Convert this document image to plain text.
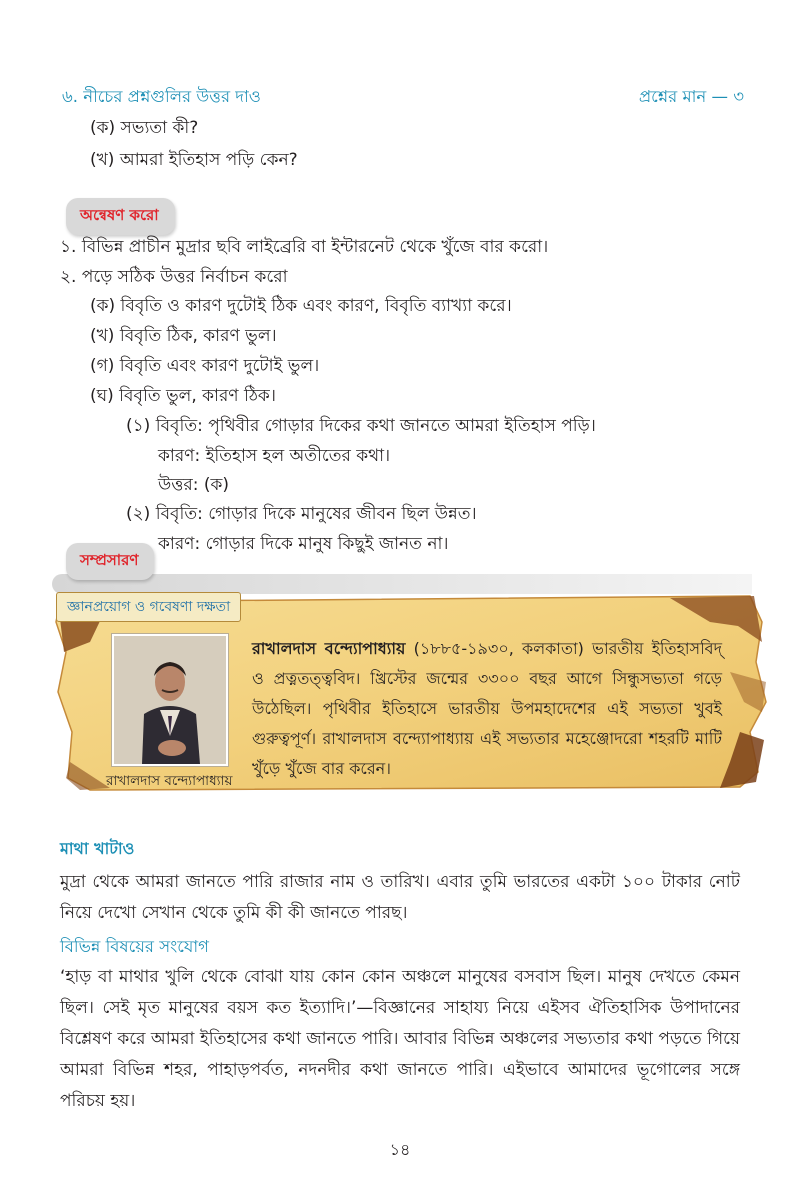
৬. নীচের প্রশ্নগুলির উত্তর দাও	প্রশ্নের মান — ৩
(ক) সভ্যতা কী?
(খ) আমরা ইতিহাস পড়ি কেন?
অন্বেষণ করো
১. বিভিন্ন প্রাচীন মুদ্রার ছবি লাইব্রেরি বা ইন্টারনেট থেকে খুঁজে বার করো।
২. পড়ে সঠিক উত্তর নির্বাচন করো
(ক) বিবৃতি ও কারণ দুটোই ঠিক এবং কারণ, বিবৃতি ব্যাখ্যা করে।
(খ) বিবৃতি ঠিক, কারণ ভুল।
(গ) বিবৃতি এবং কারণ দুটোই ভুল।
(ঘ) বিবৃতি ভুল, কারণ ঠিক।
(১) বিবৃতি: পৃথিবীর গোড়ার দিকের কথা জানতে আমরা ইতিহাস পড়ি।
কারণ: ইতিহাস হল অতীতের কথা।
উত্তর: (ক)
(২) বিবৃতি: গোড়ার দিকে মানুষের জীবন ছিল উন্নত।
কারণ: গোড়ার দিকে মানুষ কিছুই জানত না।
সম্প্রসারণ
জ্ঞানপ্রয়োগ ও গবেষণা দক্ষতা
রাখালদাস বন্দ্যোপাধ্যায়
রাখালদাস বন্দ্যোপাধ্যায় (১৮৮৫-১৯৩০, কলকাতা) ভারতীয় ইতিহাসবিদ্ ও প্রত্নতত্ত্ববিদ। খ্রিস্টের জন্মের ৩৩০০ বছর আগে সিন্ধুসভ্যতা গড়ে উঠেছিল। পৃথিবীর ইতিহাসে ভারতীয় উপমহাদেশের এই সভ্যতা খুবই গুরুত্বপূর্ণ। রাখালদাস বন্দ্যোপাধ্যায় এই সভ্যতার মহেঞ্জোদরো শহরটি মাটি খুঁড়ে খুঁজে বার করেন।
মাথা খাটাও
মুদ্রা থেকে আমরা জানতে পারি রাজার নাম ও তারিখ। এবার তুমি ভারতের একটা ১০০ টাকার নোট নিয়ে দেখো সেখান থেকে তুমি কী কী জানতে পারছ।
বিভিন্ন বিষয়ের সংযোগ
‘হাড় বা মাথার খুলি থেকে বোঝা যায় কোন কোন অঞ্চলে মানুষের বসবাস ছিল। মানুষ দেখতে কেমন ছিল। সেই মৃত মানুষের বয়স কত ইত্যাদি।’—বিজ্ঞানের সাহায্য নিয়ে এইসব ঐতিহাসিক উপাদানের বিশ্লেষণ করে আমরা ইতিহাসের কথা জানতে পারি। আবার বিভিন্ন অঞ্চলের সভ্যতার কথা পড়তে গিয়ে আমরা বিভিন্ন শহর, পাহাড়পর্বত, নদনদীর কথা জানতে পারি। এইভাবে আমাদের ভূগোলের সঙ্গে পরিচয় হয়।
১৪
